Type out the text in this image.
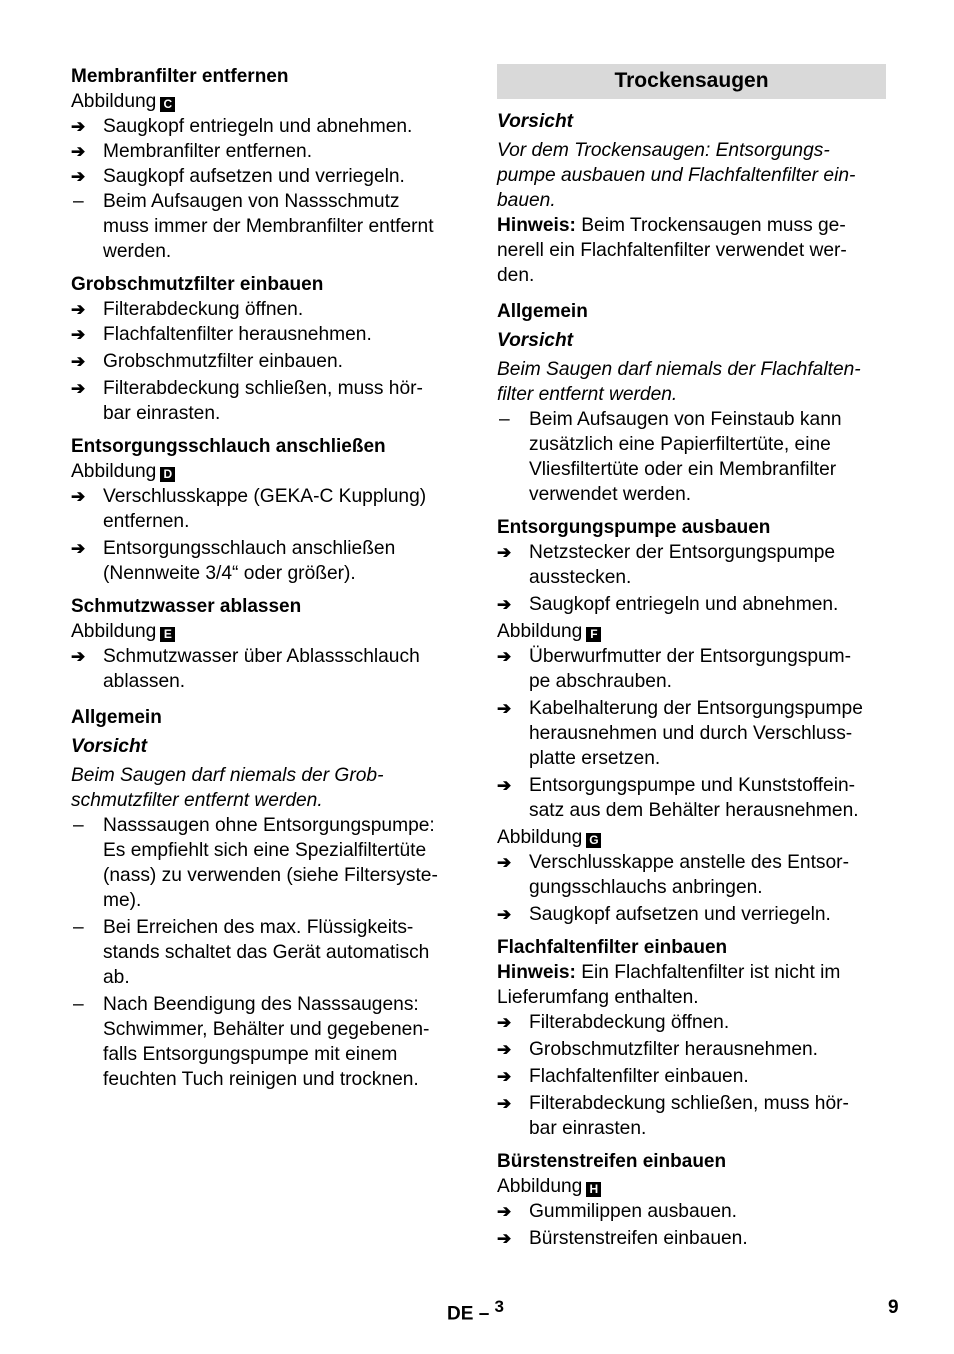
Membranfilter entfernen
Abbildung C
➔ Saugkopf entriegeln und abnehmen.
➔ Membranfilter entfernen.
➔ Saugkopf aufsetzen und verriegeln.
–	Beim Aufsaugen von Nassschmutz
muss immer der Membranfilter entfernt
werden.
Grobschmutzfilter einbauen
➔ Filterabdeckung öffnen.
➔ Flachfaltenfilter herausnehmen.
➔ Grobschmutzfilter einbauen.
➔ Filterabdeckung schließen, muss hör-
bar einrasten.
Entsorgungsschlauch anschließen
Abbildung D
➔ Verschlusskappe (GEKA-C Kupplung)
entfernen.
➔ Entsorgungsschlauch anschließen
(Nennweite 3/4“ oder größer).
Schmutzwasser ablassen
Abbildung E
➔ Schmutzwasser über Ablassschlauch
ablassen.
Allgemein
Vorsicht
Beim Saugen darf niemals der Grob-
schmutzfilter entfernt werden.
–	Nasssaugen ohne Entsorgungspumpe:
Es empfiehlt sich eine Spezialfiltertüte
(nass) zu verwenden (siehe Filtersyste-
me).
–	Bei Erreichen des max. Flüssigkeits-
stands schaltet das Gerät automatisch
ab.
–	Nach Beendigung des Nasssaugens:
Schwimmer, Behälter und gegebenen-
falls Entsorgungspumpe mit einem
feuchten Tuch reinigen und trocknen.
Trockensaugen
Vorsicht
Vor dem Trockensaugen: Entsorgungs-
pumpe ausbauen und Flachfaltenfilter ein-
bauen.
Hinweis: Beim Trockensaugen muss ge-
nerell ein Flachfaltenfilter verwendet wer-
den.
Allgemein
Vorsicht
Beim Saugen darf niemals der Flachfalten-
filter entfernt werden.
–	Beim Aufsaugen von Feinstaub kann
zusätzlich eine Papierfiltertüte, eine
Vliesfiltertüte oder ein Membranfilter
verwendet werden.
Entsorgungspumpe ausbauen
➔ Netzstecker der Entsorgungspumpe
ausstecken.
➔ Saugkopf entriegeln und abnehmen.
Abbildung F
➔ Überwurfmutter der Entsorgungspum-
pe abschrauben.
➔ Kabelhalterung der Entsorgungspumpe
herausnehmen und durch Verschluss-
platte ersetzen.
➔ Entsorgungspumpe und Kunststoffein-
satz aus dem Behälter herausnehmen.
Abbildung G
➔ Verschlusskappe anstelle des Entsor-
gungsschlauchs anbringen.
➔ Saugkopf aufsetzen und verriegeln.
Flachfaltenfilter einbauen
Hinweis: Ein Flachfaltenfilter ist nicht im
Lieferumfang enthalten.
➔ Filterabdeckung öffnen.
➔ Grobschmutzfilter herausnehmen.
➔ Flachfaltenfilter einbauen.
➔ Filterabdeckung schließen, muss hör-
bar einrasten.
Bürstenstreifen einbauen
Abbildung H
➔ Gummilippen ausbauen.
➔ Bürstenstreifen einbauen.
DE – $^3$	9
